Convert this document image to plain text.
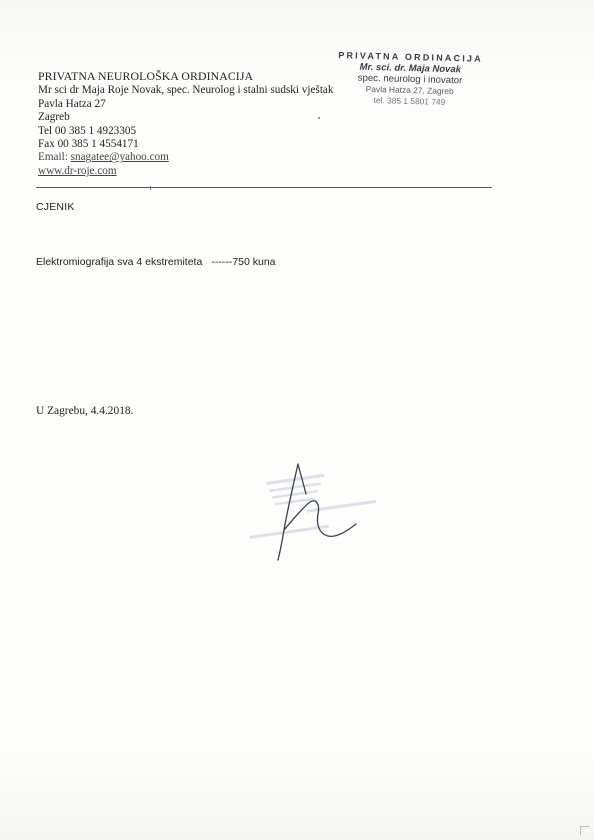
PRIVATNA NEUROLOŠKA ORDINACIJA
Mr sci dr Maja Roje Novak, spec. Neurolog i stalni sudski vještak
Pavla Hatza 27
Zagreb
Tel 00 385 1 4923305
Fax 00 385 1 4554171
Email: snagatee@yahoo.com
www.dr-roje.com
PRIVATNA ORDINACIJA
Mr. sci. dr. Maja Novak
spec. neurolog i inovator
Pavla Hatza 27, Zagreb
tel. 385 1 5801 749
CJENIK
Elektromiografija sva 4 ekstremiteta ------750 kuna
U Zagrebu, 4.4.2018.
